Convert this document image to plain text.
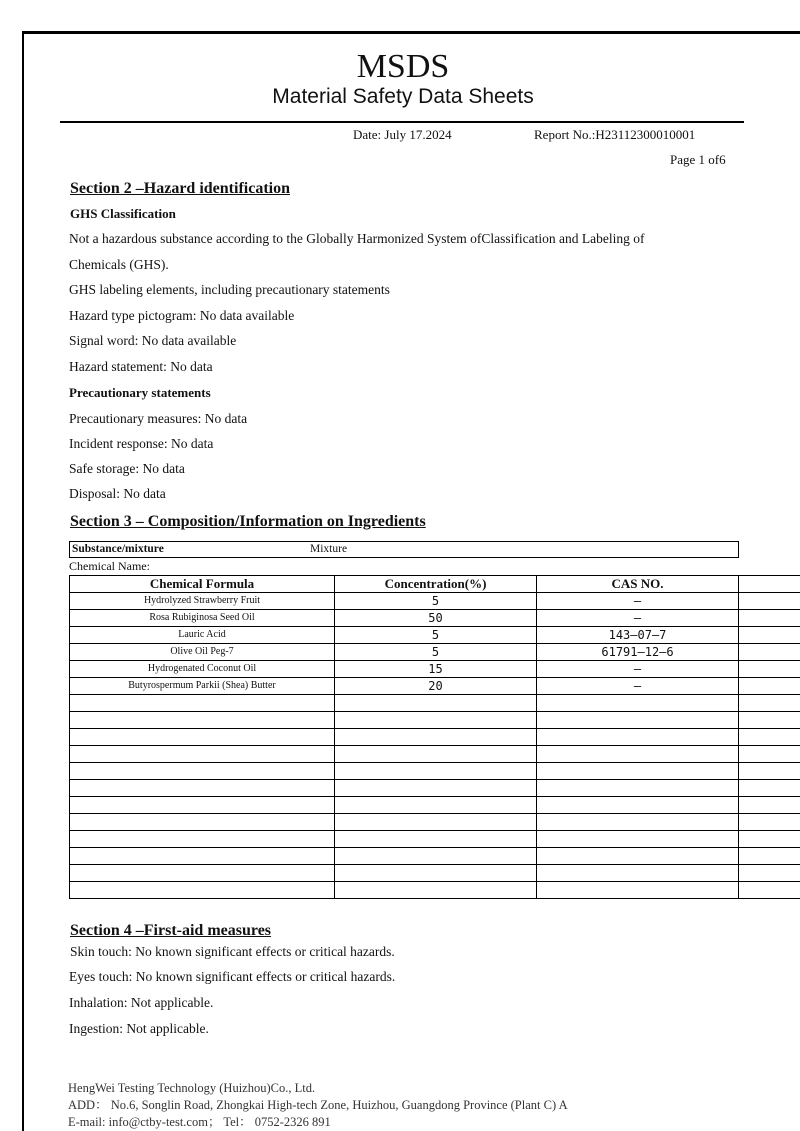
MSDS
Material Safety Data Sheets
Date: July 17.2024	Report No.:H23112300010001
Page 1 of6
Section 2 –Hazard identification
GHS Classification
Not a hazardous substance according to the Globally Harmonized System ofClassification and Labeling of
Chemicals (GHS).
GHS labeling elements, including precautionary statements
Hazard type pictogram: No data available
Signal word: No data available
Hazard statement: No data
Precautionary statements
Precautionary measures: No data
Incident response: No data
Safe storage: No data
Disposal: No data
Section 3 – Composition/Information on Ingredients
Substance/mixture	Mixture
Chemical Name:
Chemical Formula	Concentration(%)	CAS NO.	
Hydrolyzed Strawberry Fruit	5	—	
Rosa Rubiginosa Seed Oil	50	—	
Lauric Acid	5	143–07–7	
Olive Oil Peg-7	5	61791–12–6	
Hydrogenated Coconut Oil	15	—	
Butyrospermum Parkii (Shea) Butter	20	—	

Section 4 –First-aid measures
Skin touch: No known significant effects or critical hazards.
Eyes touch: No known significant effects or critical hazards.
Inhalation: Not applicable.
Ingestion: Not applicable.
HengWei Testing Technology (Huizhou)Co., Ltd.
ADD： No.6, Songlin Road, Zhongkai High-tech Zone, Huizhou, Guangdong Province (Plant C) A
E-mail: info@ctby-test.com； Tel： 0752-2326 891
